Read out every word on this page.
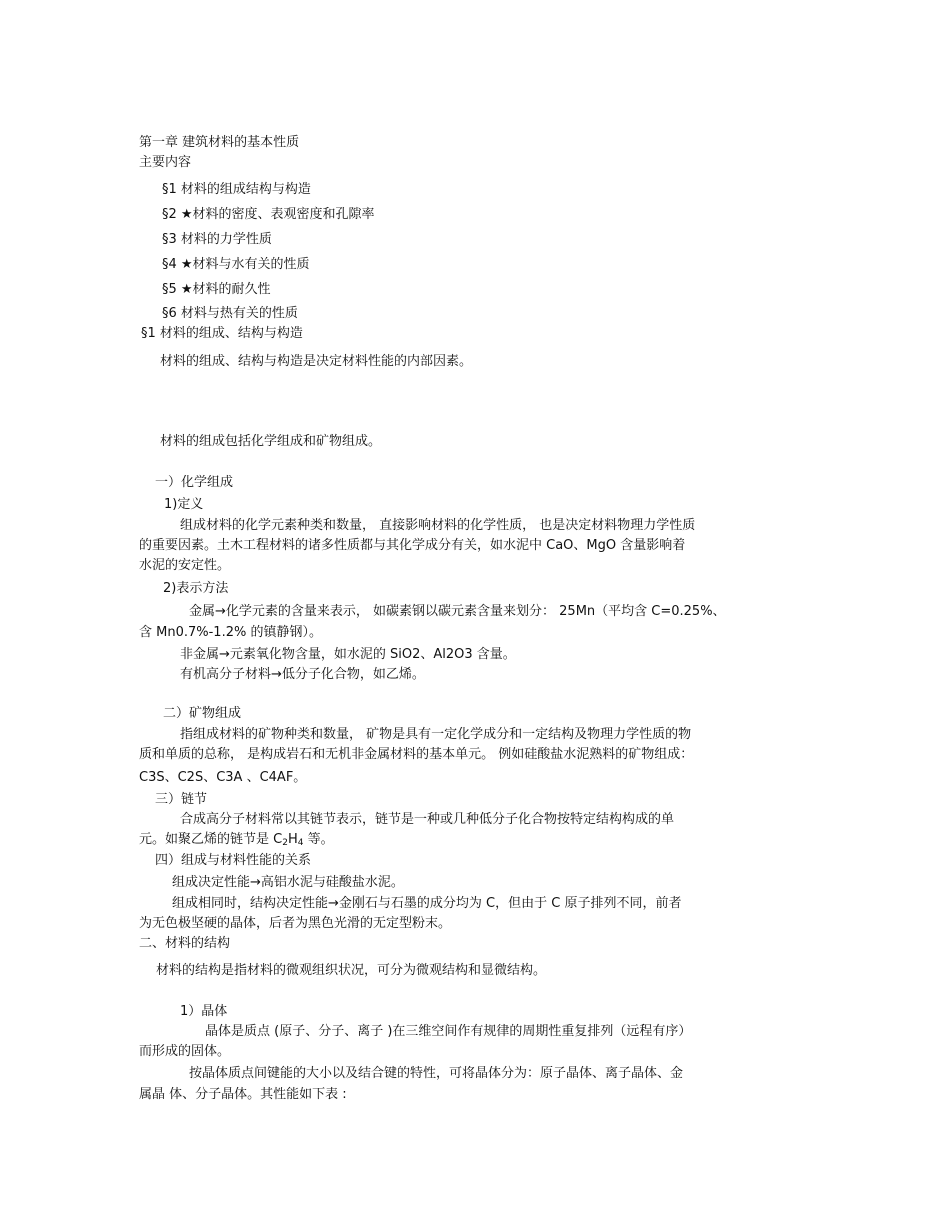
第一章 建筑材料的基本性质
主要内容
§1 材料的组成结构与构造
§2 ★材料的密度、表观密度和孔隙率
§3 材料的力学性质
§4 ★材料与水有关的性质
§5 ★材料的耐久性
§6 材料与热有关的性质
§1 材料的组成、结构与构造
材料的组成、结构与构造是决定材料性能的内部因素。
材料的组成包括化学组成和矿物组成。
一）化学组成
1)定义
组成材料的化学元素种类和数量， 直接影响材料的化学性质， 也是决定材料物理力学性质
的重要因素。土木工程材料的诸多性质都与其化学成分有关，如水泥中 CaO、MgO 含量影响着
水泥的安定性。
2)表示方法
金属→化学元素的含量来表示， 如碳素钢以碳元素含量来划分： 25Mn（平均含 C=0.25%、
含 Mn0.7%-1.2% 的镇静钢）。
非金属→元素氧化物含量，如水泥的 SiO2、Al2O3 含量。
有机高分子材料→低分子化合物，如乙烯。
二）矿物组成
指组成材料的矿物种类和数量， 矿物是具有一定化学成分和一定结构及物理力学性质的物
质和单质的总称， 是构成岩石和无机非金属材料的基本单元。 例如硅酸盐水泥熟料的矿物组成：
C3S、C2S、C3A 、C4AF。
三）链节
合成高分子材料常以其链节表示，链节是一种或几种低分子化合物按特定结构构成的单
元。如聚乙烯的链节是 $C_2H_4$ 等。
四）组成与材料性能的关系
组成决定性能→高铝水泥与硅酸盐水泥。
组成相同时，结构决定性能→金刚石与石墨的成分均为 C，但由于 C 原子排列不同，前者
为无色极坚硬的晶体，后者为黑色光滑的无定型粉末。
二、材料的结构
材料的结构是指材料的微观组织状况，可分为微观结构和显微结构。
1）晶体
晶体是质点 (原子、分子、离子 )在三维空间作有规律的周期性重复排列（远程有序）
而形成的固体。
按晶体质点间键能的大小以及结合键的特性，可将晶体分为：原子晶体、离子晶体、金
属晶 体、分子晶体。其性能如下表 :
